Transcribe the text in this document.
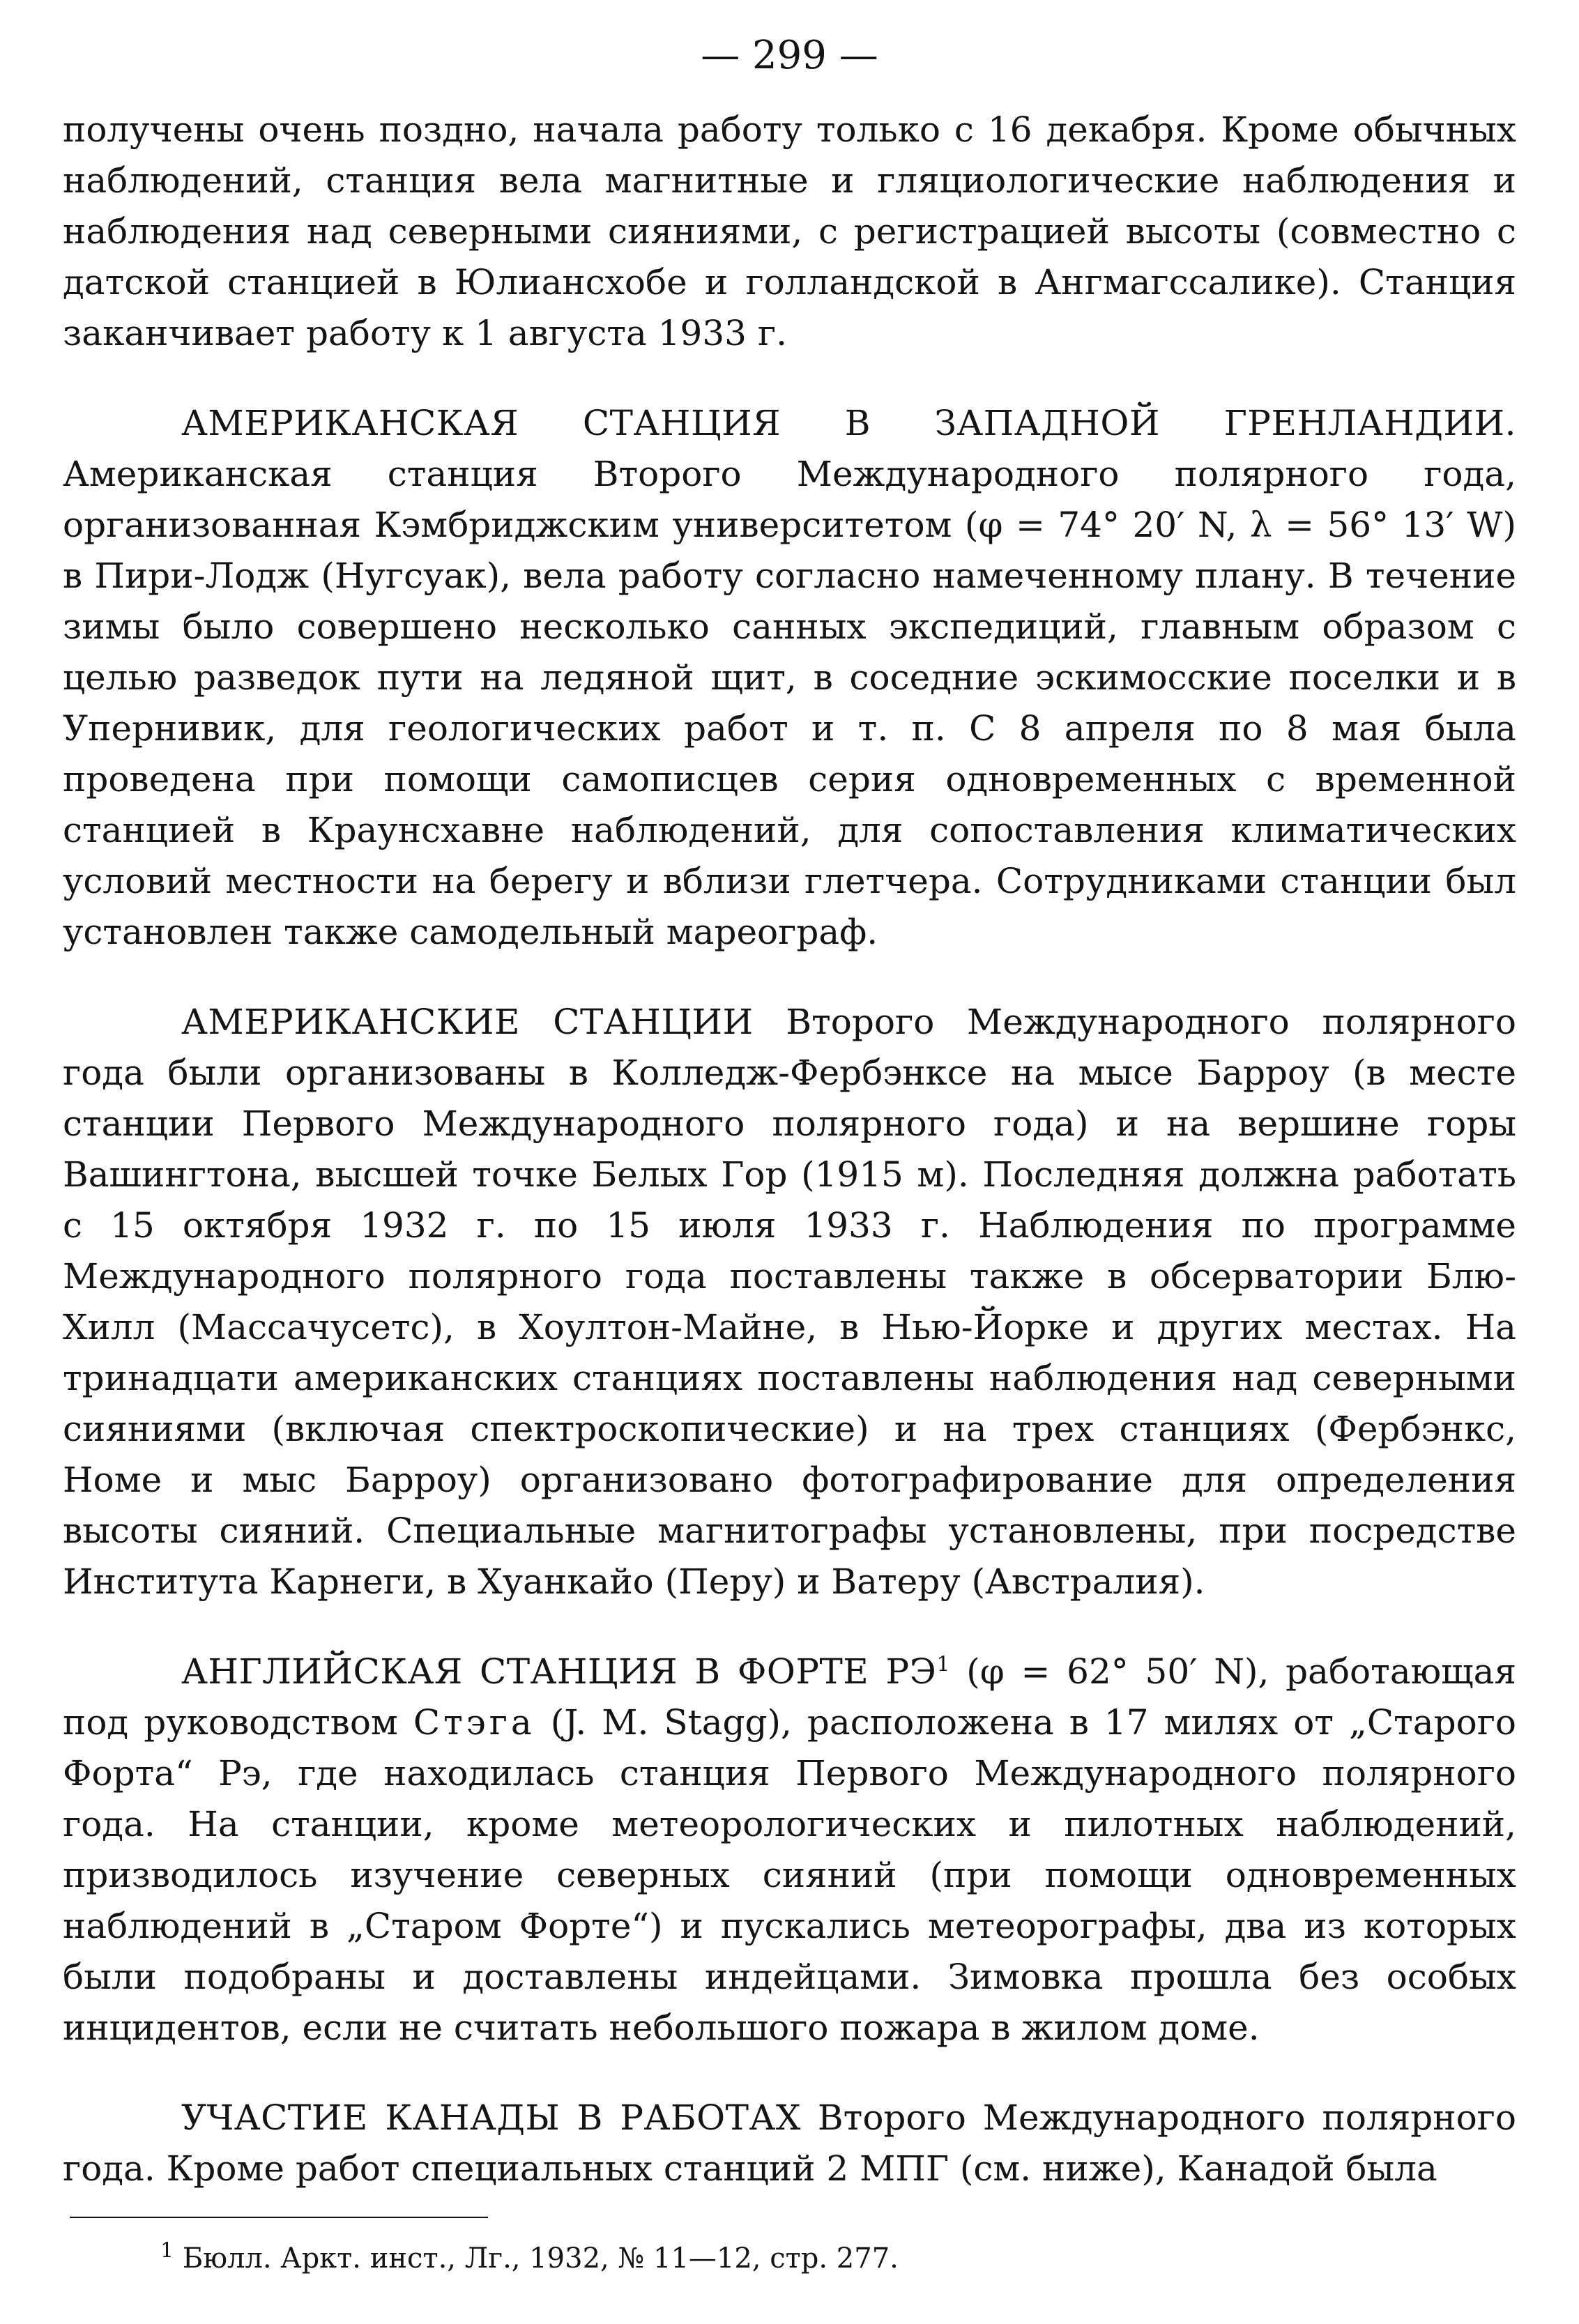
— 299 —

получены очень поздно, начала работу только с 16 декабря. Кроме обычных наблюдений, станция вела магнитные и гляциологические наблюдения и наблюдения над северными сияниями, с регистрацией высоты (совместно с датской станцией в Юлиансхобе и голландской в Ангмагссалике). Станция заканчивает работу к 1 августа 1933 г.

АМЕРИКАНСКАЯ СТАНЦИЯ В ЗАПАДНОЙ ГРЕНЛАНДИИ. Американская станция Второго Международного полярного года, организованная Кэмбриджским университетом (φ = 74° 20′ N, λ = 56° 13′ W) в Пири-Лодж (Нугсуак), вела работу согласно намеченному плану. В течение зимы было совершено несколько санных экспедиций, главным образом с целью разведок пути на ледяной щит, в соседние эскимосские поселки и в Упернивик, для геологических работ и т. п. С 8 апреля по 8 мая была проведена при помощи самописцев серия одновременных с временной станцией в Краунсхавне наблюдений, для сопоставления климатических условий местности на берегу и вблизи глетчера. Сотрудниками станции был установлен также самодельный мареограф.

АМЕРИКАНСКИЕ СТАНЦИИ Второго Международного полярного года были организованы в Колледж-Фербэнксе на мысе Барроу (в месте станции Первого Международного полярного года) и на вершине горы Вашингтона, высшей точке Белых Гор (1915 м). Последняя должна работать с 15 октября 1932 г. по 15 июля 1933 г. Наблюдения по программе Международного полярного года поставлены также в обсерватории Блю-Хилл (Массачусетс), в Хоултон-Майне, в Нью-Йорке и других местах. На тринадцати американских станциях поставлены наблюдения над северными сияниями (включая спектроскопические) и на трех станциях (Фербэнкс, Номе и мыс Барроу) организовано фотографирование для определения высоты сияний. Специальные магнитографы установлены, при посредстве Института Карнеги, в Хуанкайо (Перу) и Ватеру (Австралия).

АНГЛИЙСКАЯ СТАНЦИЯ В ФОРТЕ $РЭ^1$ (φ = 62° 50′ N), работающая под руководством Стэга (J. M. Stagg), расположена в 17 милях от „Старого Форта“ Рэ, где находилась станция Первого Международного полярного года. На станции, кроме метеорологических и пилотных наблюдений, призводилось изучение северных сияний (при помощи одновременных наблюдений в „Старом Форте“) и пускались метеорографы, два из которых были подобраны и доставлены индейцами. Зимовка прошла без особых инцидентов, если не считать небольшого пожара в жилом доме.

УЧАСТИЕ КАНАДЫ В РАБОТАХ Второго Международного полярного года. Кроме работ специальных станций 2 МПГ (см. ниже), Канадой была

$^1$ Бюлл. Аркт. инст., Лг., 1932, № 11—12, стр. 277.
